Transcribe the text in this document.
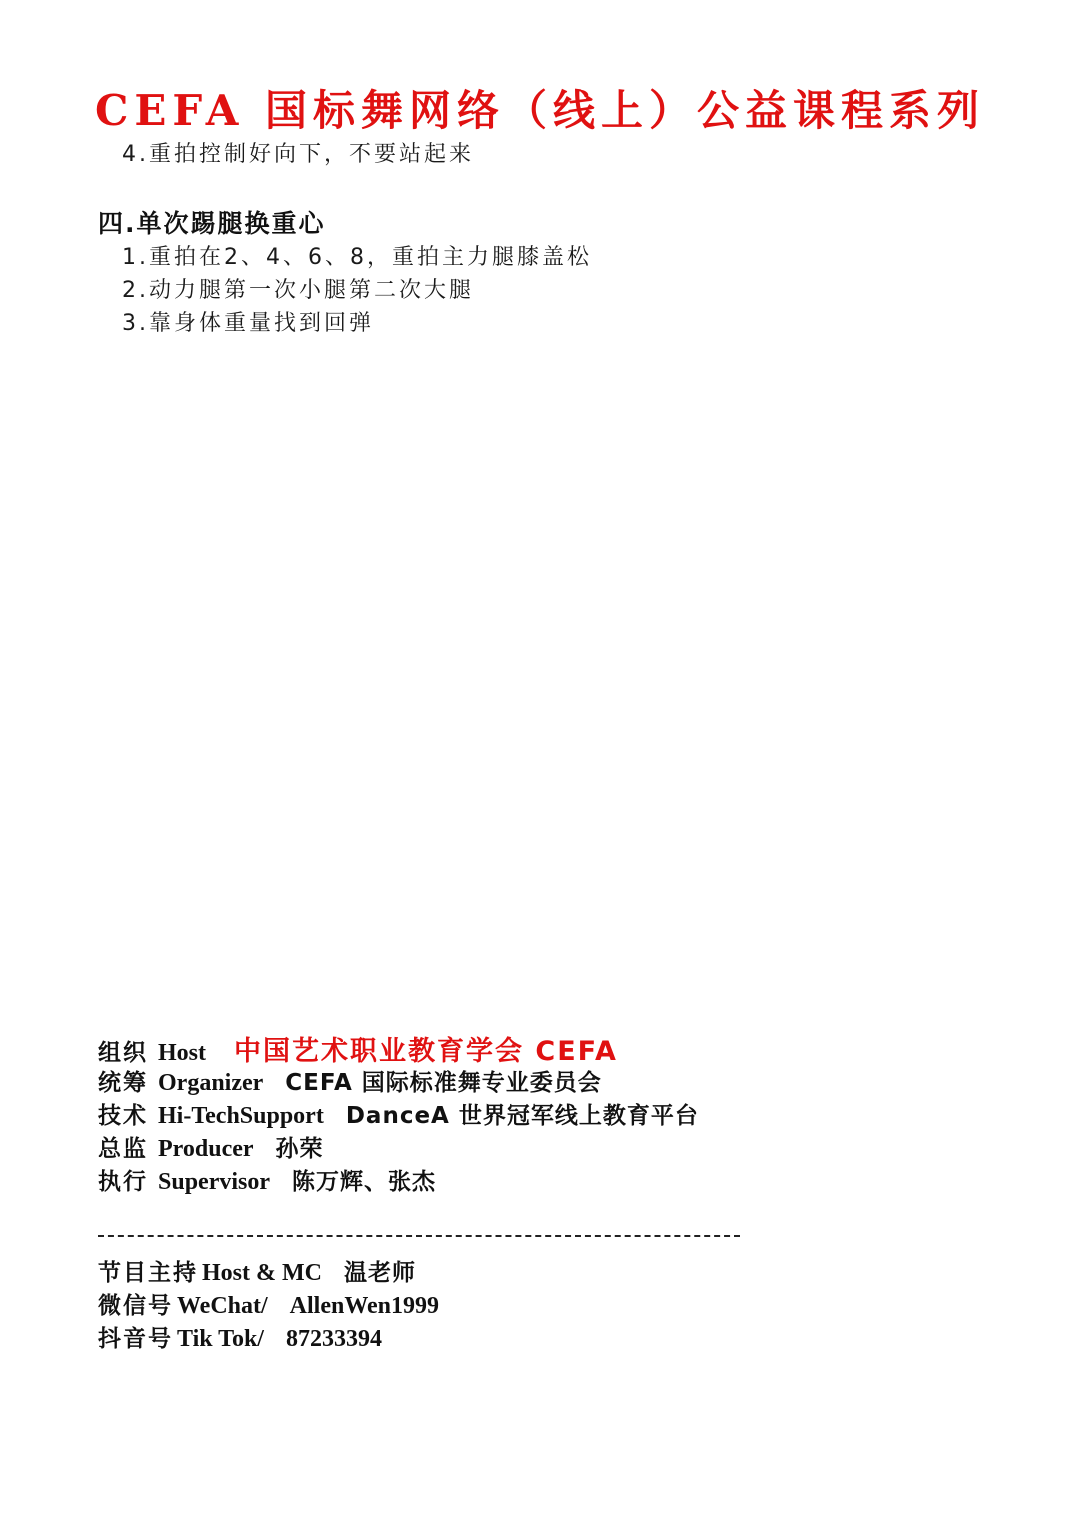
CEFA 国标舞网络（线上）公益课程系列
4.重拍控制好向下，不要站起来
四.单次踢腿换重心
1.重拍在2、4、6、8，重拍主力腿膝盖松
2.动力腿第一次小腿第二次大腿
3.靠身体重量找到回弹
组织 Host 中国艺术职业教育学会 CEFA
统筹 Organizer CEFA 国际标准舞专业委员会
技术 Hi-TechSupport DanceA 世界冠军线上教育平台
总监 Producer 孙荣
执行 Supervisor 陈万辉、张杰
节目主持 Host & MC 温老师
微信号 WeChat/ AllenWen1999
抖音号 Tik Tok/ 87233394
